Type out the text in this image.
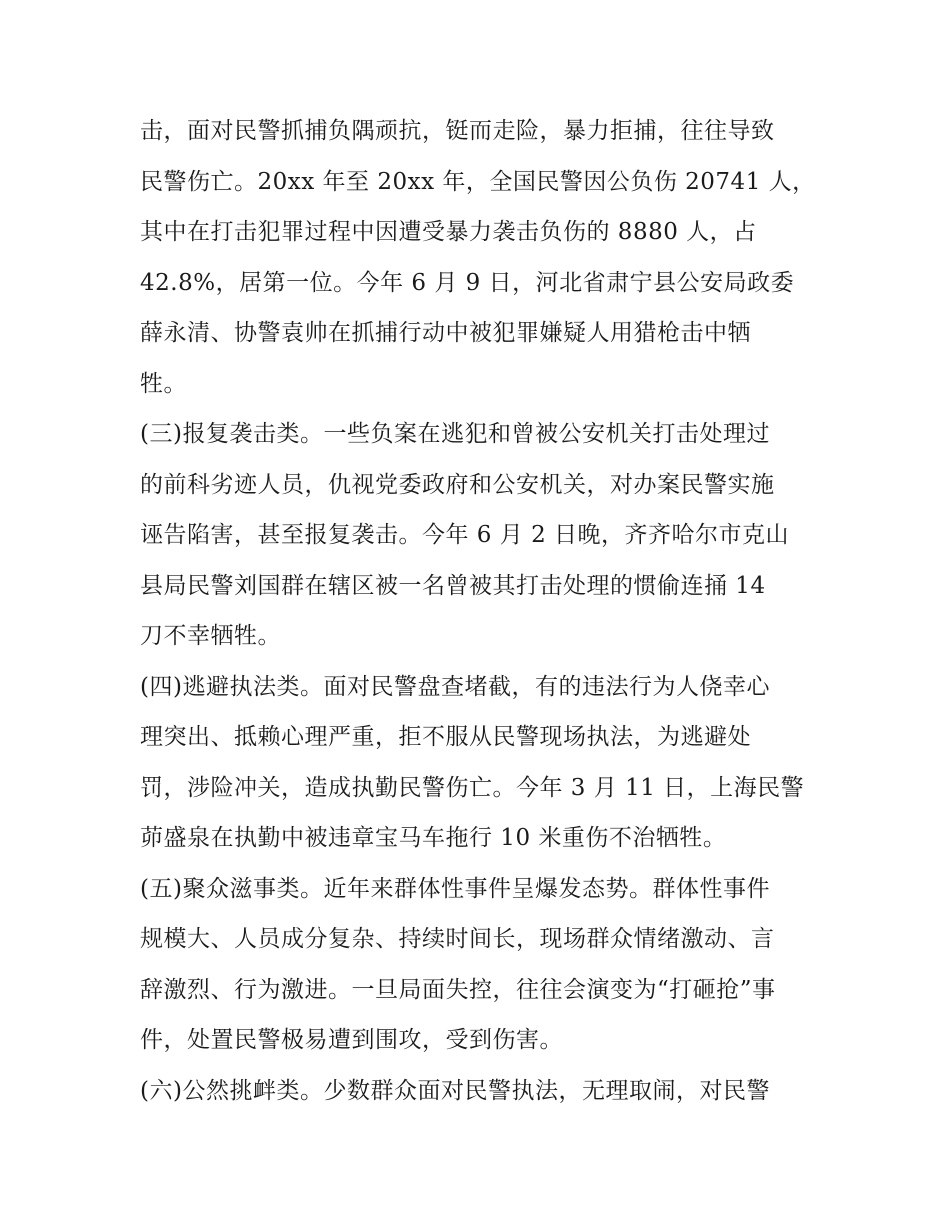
击，面对民警抓捕负隅顽抗，铤而走险，暴力拒捕，往往导致
民警伤亡。20xx 年至 20xx 年，全国民警因公负伤 20741 人，
其中在打击犯罪过程中因遭受暴力袭击负伤的 8880 人，占
42.8%，居第一位。今年 6 月 9 日，河北省肃宁县公安局政委
薛永清、协警袁帅在抓捕行动中被犯罪嫌疑人用猎枪击中牺
牲。
(三)报复袭击类。一些负案在逃犯和曾被公安机关打击处理过
的前科劣迹人员，仇视党委政府和公安机关，对办案民警实施
诬告陷害，甚至报复袭击。今年 6 月 2 日晚，齐齐哈尔市克山
县局民警刘国群在辖区被一名曾被其打击处理的惯偷连捅 14
刀不幸牺牲。
(四)逃避执法类。面对民警盘查堵截，有的违法行为人侥幸心
理突出、抵赖心理严重，拒不服从民警现场执法，为逃避处
罚，涉险冲关，造成执勤民警伤亡。今年 3 月 11 日，上海民警
茆盛泉在执勤中被违章宝马车拖行 10 米重伤不治牺牲。
(五)聚众滋事类。近年来群体性事件呈爆发态势。群体性事件
规模大、人员成分复杂、持续时间长，现场群众情绪激动、言
辞激烈、行为激进。一旦局面失控，往往会演变为“打砸抢”事
件，处置民警极易遭到围攻，受到伤害。
(六)公然挑衅类。少数群众面对民警执法，无理取闹，对民警
